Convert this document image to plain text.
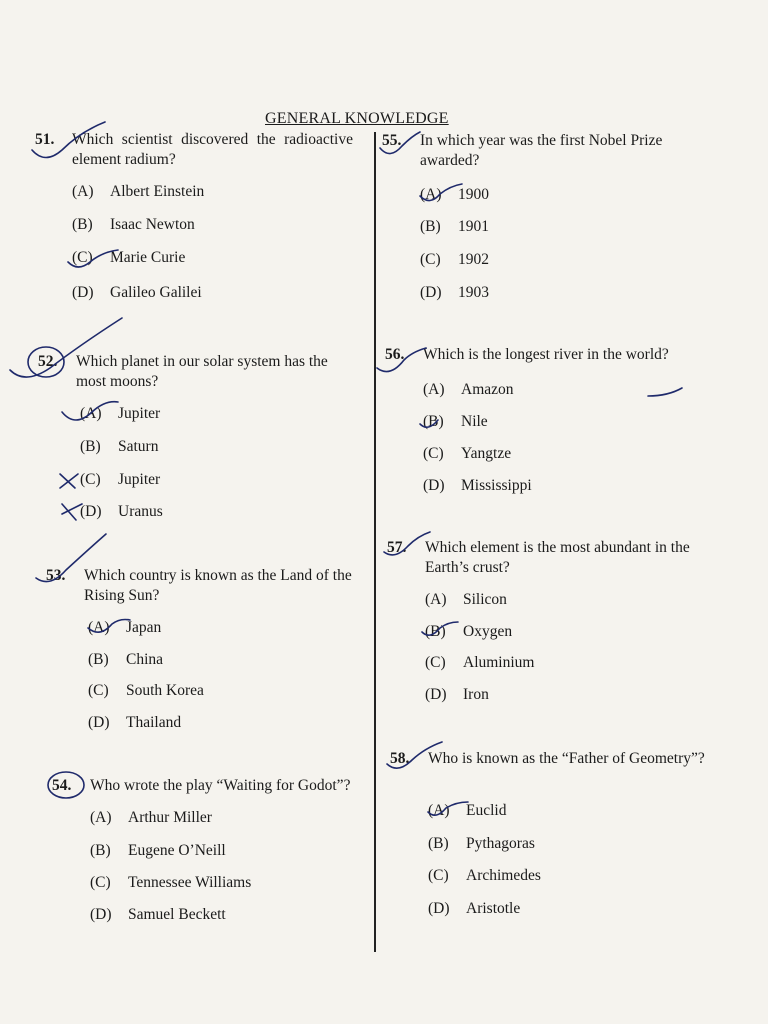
GENERAL KNOWLEDGE
51. Which scientist discovered the radioactive element radium?
(A) Albert Einstein
(B) Isaac Newton
(C) Marie Curie
(D) Galileo Galilei
52. Which planet in our solar system has the most moons?
(A) Jupiter
(B) Saturn
(C) Jupiter
(D) Uranus
53. Which country is known as the Land of the Rising Sun?
(A) Japan
(B) China
(C) South Korea
(D) Thailand
54. Who wrote the play “Waiting for Godot”?
(A) Arthur Miller
(B) Eugene O’Neill
(C) Tennessee Williams
(D) Samuel Beckett
55. In which year was the first Nobel Prize awarded?
(A) 1900
(B) 1901
(C) 1902
(D) 1903
56. Which is the longest river in the world?
(A) Amazon
(B) Nile
(C) Yangtze
(D) Mississippi
57. Which element is the most abundant in the Earth’s crust?
(A) Silicon
(B) Oxygen
(C) Aluminium
(D) Iron
58. Who is known as the “Father of Geometry”?
(A) Euclid
(B) Pythagoras
(C) Archimedes
(D) Aristotle
